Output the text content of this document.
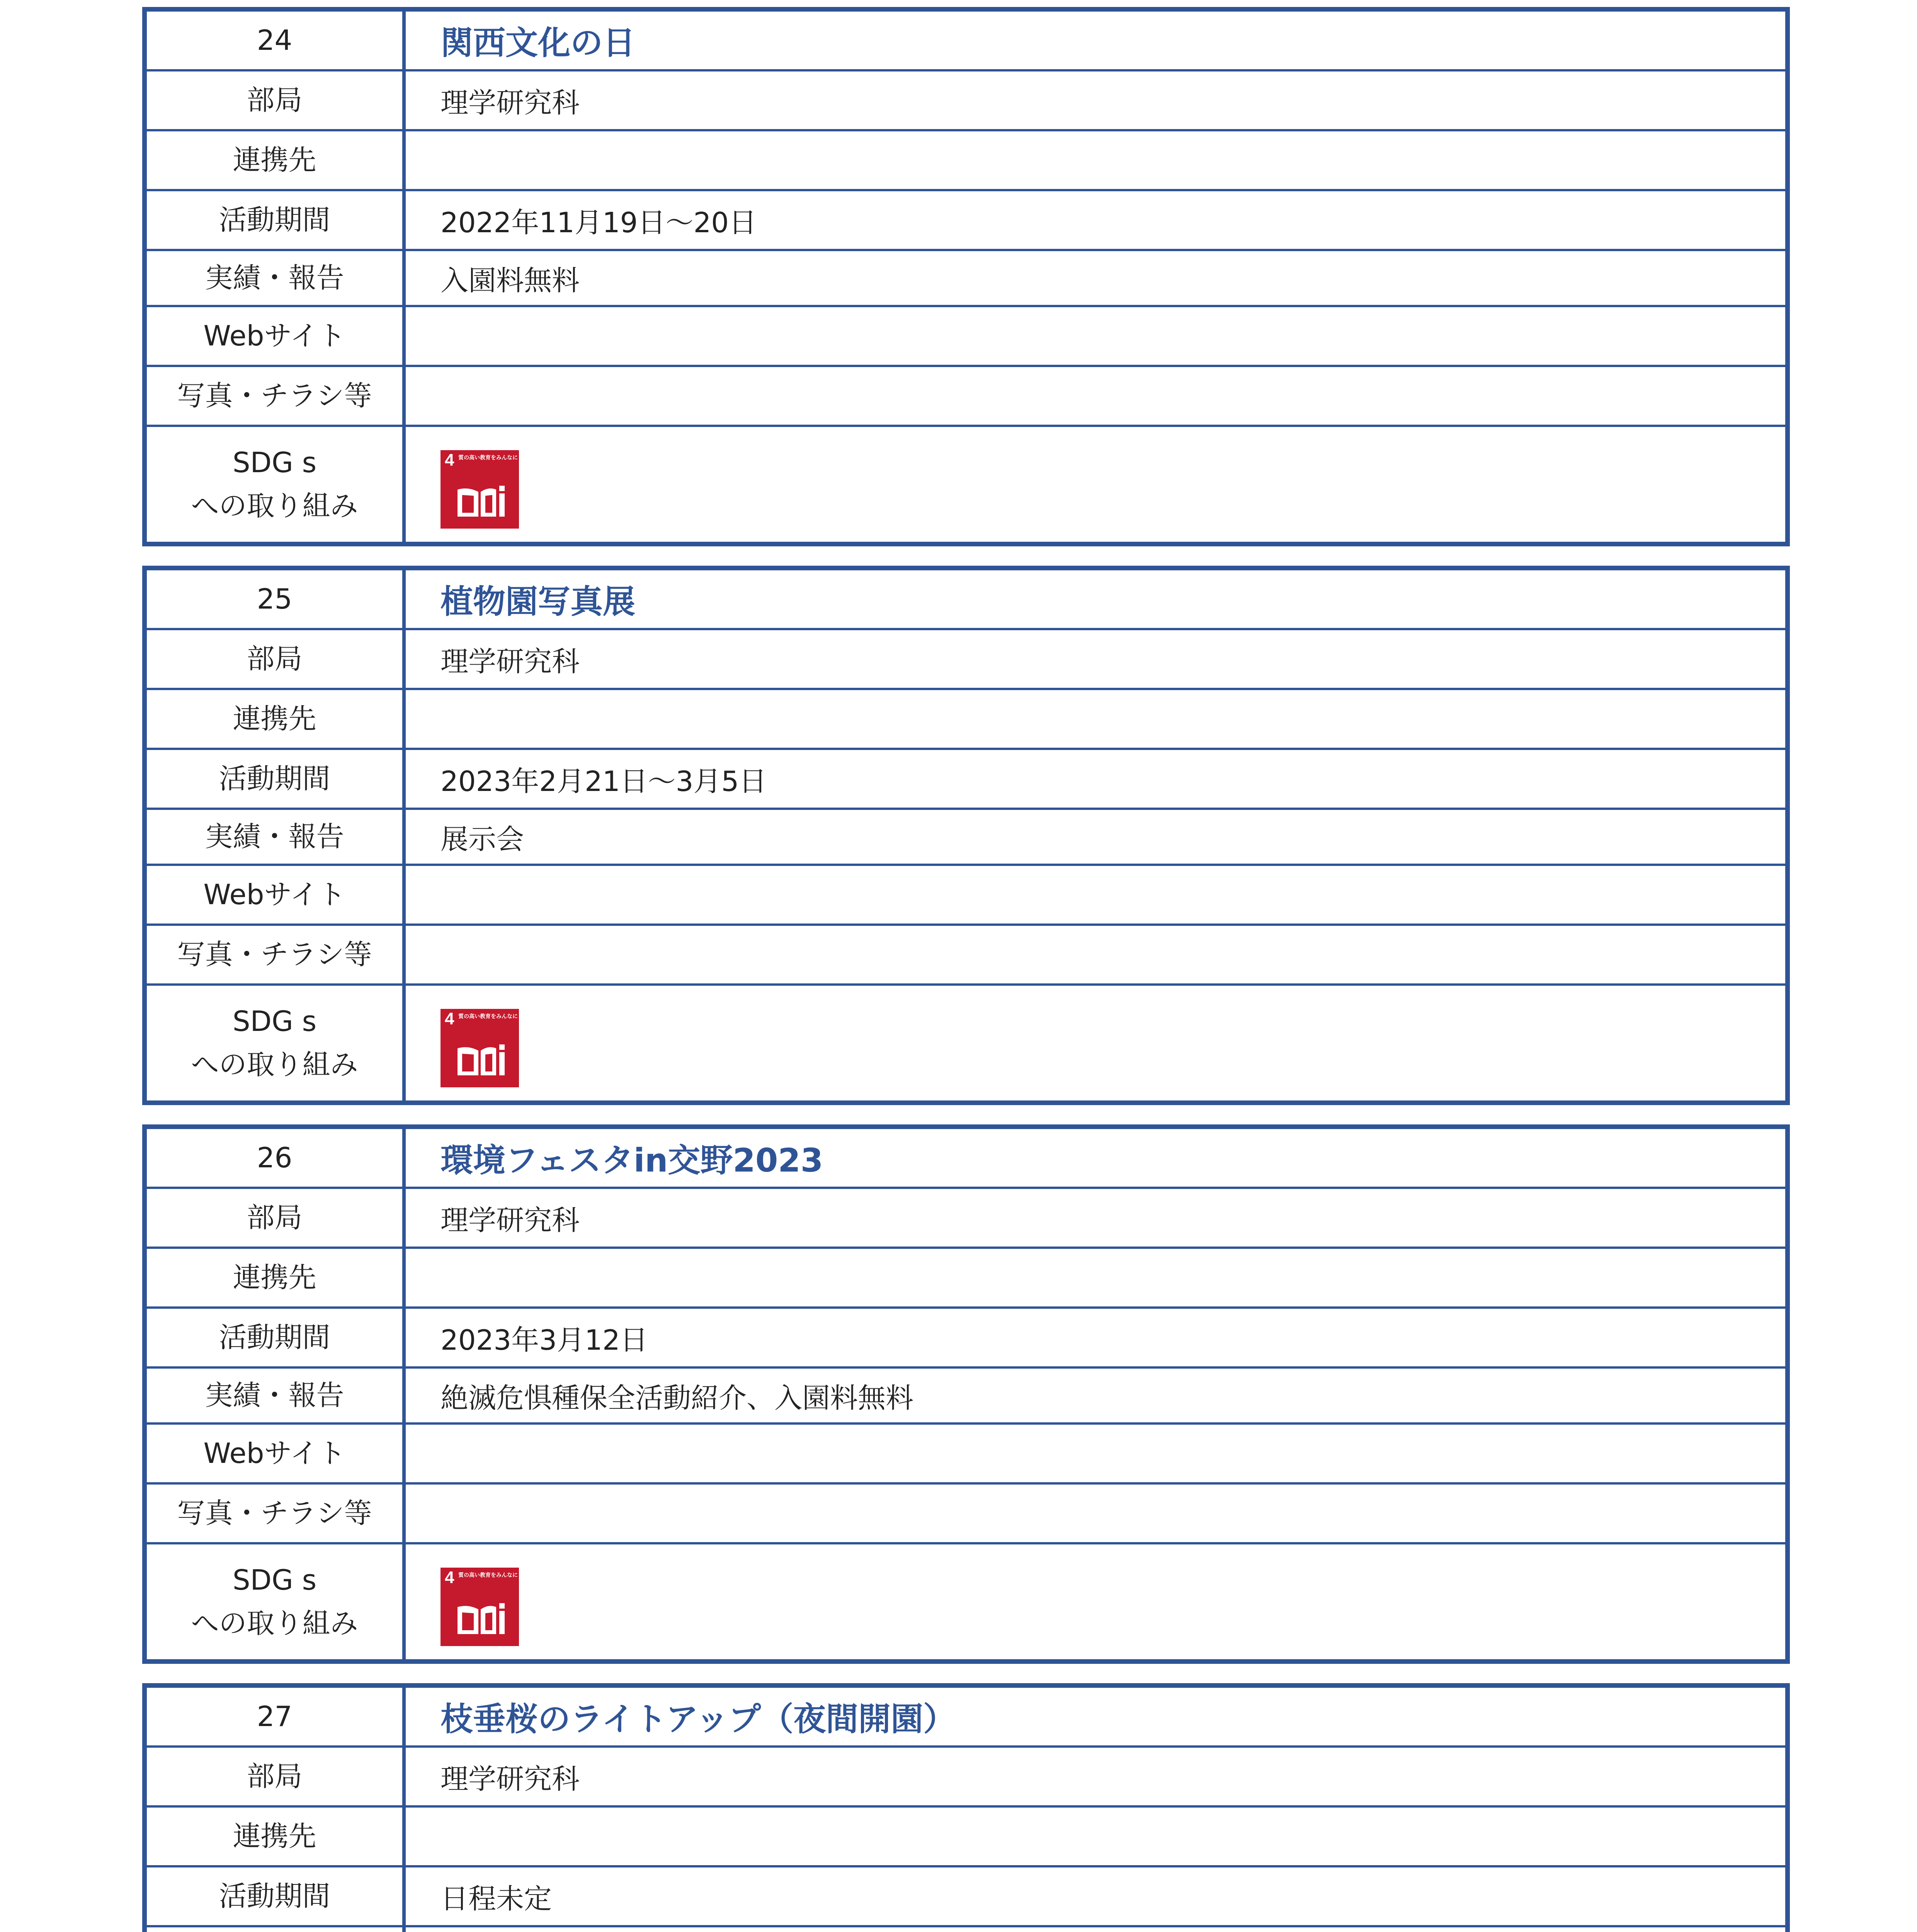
24	関西文化の日
部局	理学研究科
連携先
活動期間	2022年11月19日〜20日
実績・報告	入園料無料
Webサイト
写真・チラシ等
SDG s
への取り組み
4 質の高い教育をみんなに
25	植物園写真展
部局	理学研究科
連携先
活動期間	2023年2月21日〜3月5日
実績・報告	展示会
Webサイト
写真・チラシ等
SDG s
への取り組み
4 質の高い教育をみんなに
26	環境フェスタin交野2023
部局	理学研究科
連携先
活動期間	2023年3月12日
実績・報告	絶滅危惧種保全活動紹介、入園料無料
Webサイト
写真・チラシ等
SDG s
への取り組み
4 質の高い教育をみんなに
27	枝垂桜のライトアップ（夜間開園）
部局	理学研究科
連携先
活動期間	日程未定
